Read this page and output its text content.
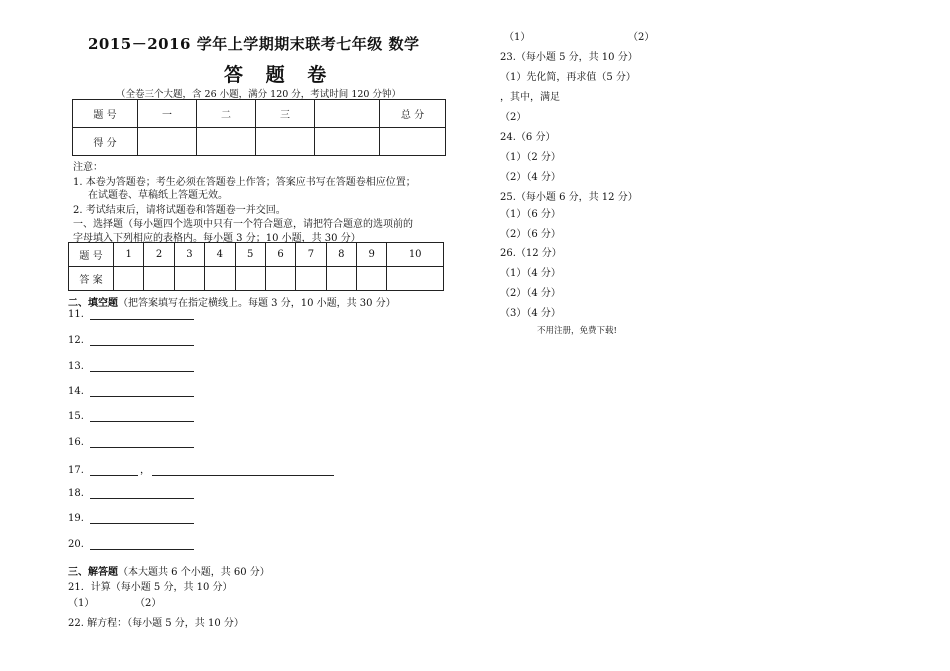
2015－2016 学年上学期期末联考七年级 数学
答 题 卷
（全卷三个大题，含 26 小题，满分 120 分，考试时间 120 分钟）
题 号	一	二	三		总 分
得 分					
注意：
1. 本卷为答题卷；考生必须在答题卷上作答；答案应书写在答题卷相应位置；
在试题卷、草稿纸上答题无效。
2. 考试结束后，请将试题卷和答题卷一并交回。
一、选择题（每小题四个选项中只有一个符合题意，请把符合题意的选项前的
字母填入下列相应的表格内。每小题 3 分；10 小题，共 30 分）
题 号	1	2	3	4	5	6	7	8	9	10
答 案										
二、填空题（把答案填写在指定横线上。每题 3 分，10 小题，共 30 分）
11.
12.
13.
14.
15.
16.
17.	，
18.
19.
20.
三、解答题（本大题共 6 个小题，共 60 分）
21．计算（每小题 5 分，共 10 分）
（1）	（2）
22. 解方程：（每小题 5 分，共 10 分）
（1）	（2）
23.（每小题 5 分，共 10 分）
（1）先化简，再求值（5 分）
，其中，满足
（2）
24.（6 分）
（1）（2 分）
（2）（4 分）
25.（每小题 6 分，共 12 分）
（1）（6 分）
（2）（6 分）
26.（12 分）
（1）（4 分）
（2）（4 分）
（3）（4 分）
不用注册，免费下载!
